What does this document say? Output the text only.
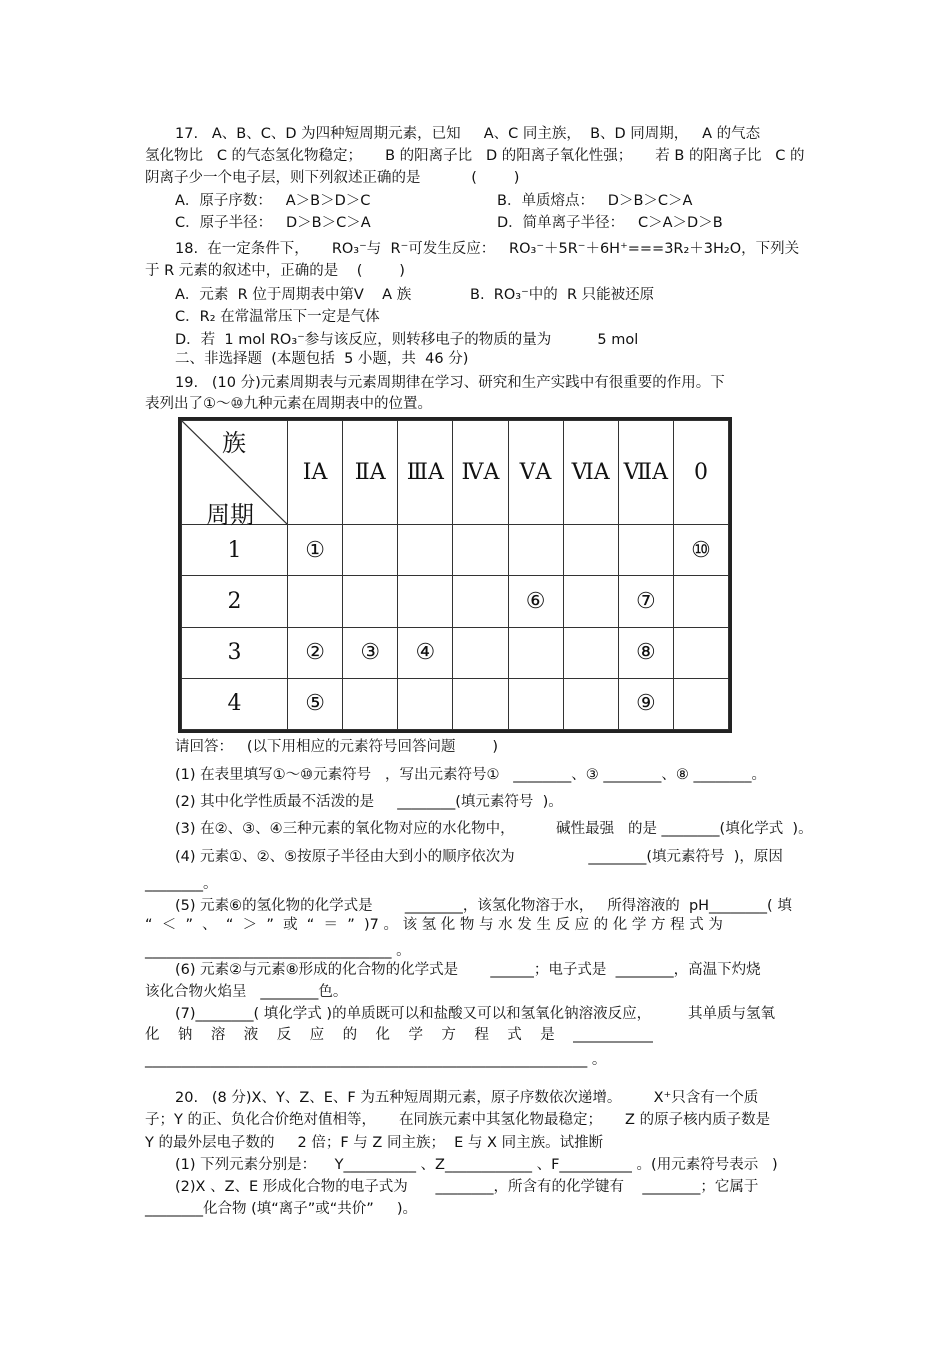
17.   A、B、C、D 为四种短周期元素，已知     A、C 同主族，  B、D 同周期，   A 的气态
氢化物比   C 的气态氢化物稳定；     B 的阳离子比   D 的阳离子氧化性强；     若 B 的阳离子比   C 的
阴离子少一个电子层，则下列叙述正确的是           (        )
A．原子序数：   A＞B＞D＞C	B．单质熔点：   D＞B＞C＞A
C．原子半径：   D＞B＞C＞A	D．简单离子半径：   C＞A＞D＞B
18.  在一定条件下，     RO₃⁻与  R⁻可发生反应：   RO₃⁻＋5R⁻＋6H⁺===3R₂＋3H₂O，下列关
于 R 元素的叙述中，正确的是    (        )
A．元素  R 位于周期表中第Ⅴ    A 族	B.  RO₃⁻中的  R 只能被还原
C．R₂ 在常温常压下一定是气体
D．若  1 mol RO₃⁻参与该反应，则转移电子的物质的量为          5 mol
二、非选择题  (本题包括  5 小题，共  46 分)
19.   (10 分)元素周期表与元素周期律在学习、研究和生产实践中有很重要的作用。下
表列出了①～⑩九种元素在周期表中的位置。
族
周期	ⅠA	ⅡA	ⅢA	ⅣA	ⅤA	ⅥA	ⅦA	0
1	①							⑩
2					⑥		⑦	
3	②	③	④				⑧	
4	⑤						⑨	
请回答：   (以下用相应的元素符号回答问题        )
(1) 在表里填写①～⑩元素符号   ，写出元素符号①   ________、③ ________、⑧ ________。
(2) 其中化学性质最不活泼的是     ________(填元素符号  )。
(3) 在②、③、④三种元素的氧化物对应的水化物中，         碱性最强   的是 ________(填化学式  )。
(4) 元素①、②、⑤按原子半径由大到小的顺序依次为                ________(填元素符号  )，原因
________。
(5) 元素⑥的氢化物的化学式是       ________，该氢化物溶于水，   所得溶液的  pH________( 填
“  ＜  ”  、  “  ＞  ”  或  “  ＝  ”  )7 。 该 氢 化 物 与 水 发 生 反 应 的 化 学 方 程 式 为
__________________________________ 。
(6) 元素②与元素⑧形成的化合物的化学式是       ______；电子式是  ________，高温下灼烧
该化合物火焰呈   ________色。
(7)________( 填化学式 )的单质既可以和盐酸又可以和氢氧化钠溶液反应，        其单质与氢氧
化    钠    溶    液    反    应    的    化    学    方    程    式    是    ___________
_____________________________________________________________ 。
20.   (8 分)X、Y、Z、E、F 为五种短周期元素，原子序数依次递增。       X⁺只含有一个质
子；Y 的正、负化合价绝对值相等，     在同族元素中其氢化物最稳定；     Z 的原子核内质子数是
Y 的最外层电子数的     2 倍；F 与 Z 同主族；  E 与 X 同主族。试推断
(1) 下列元素分别是：    Y__________ 、Z____________ 、F__________ 。(用元素符号表示   )
(2)X 、Z、E 形成化合物的电子式为      ________，所含有的化学键有    ________；它属于
________化合物 (填“离子”或“共价”     )。
